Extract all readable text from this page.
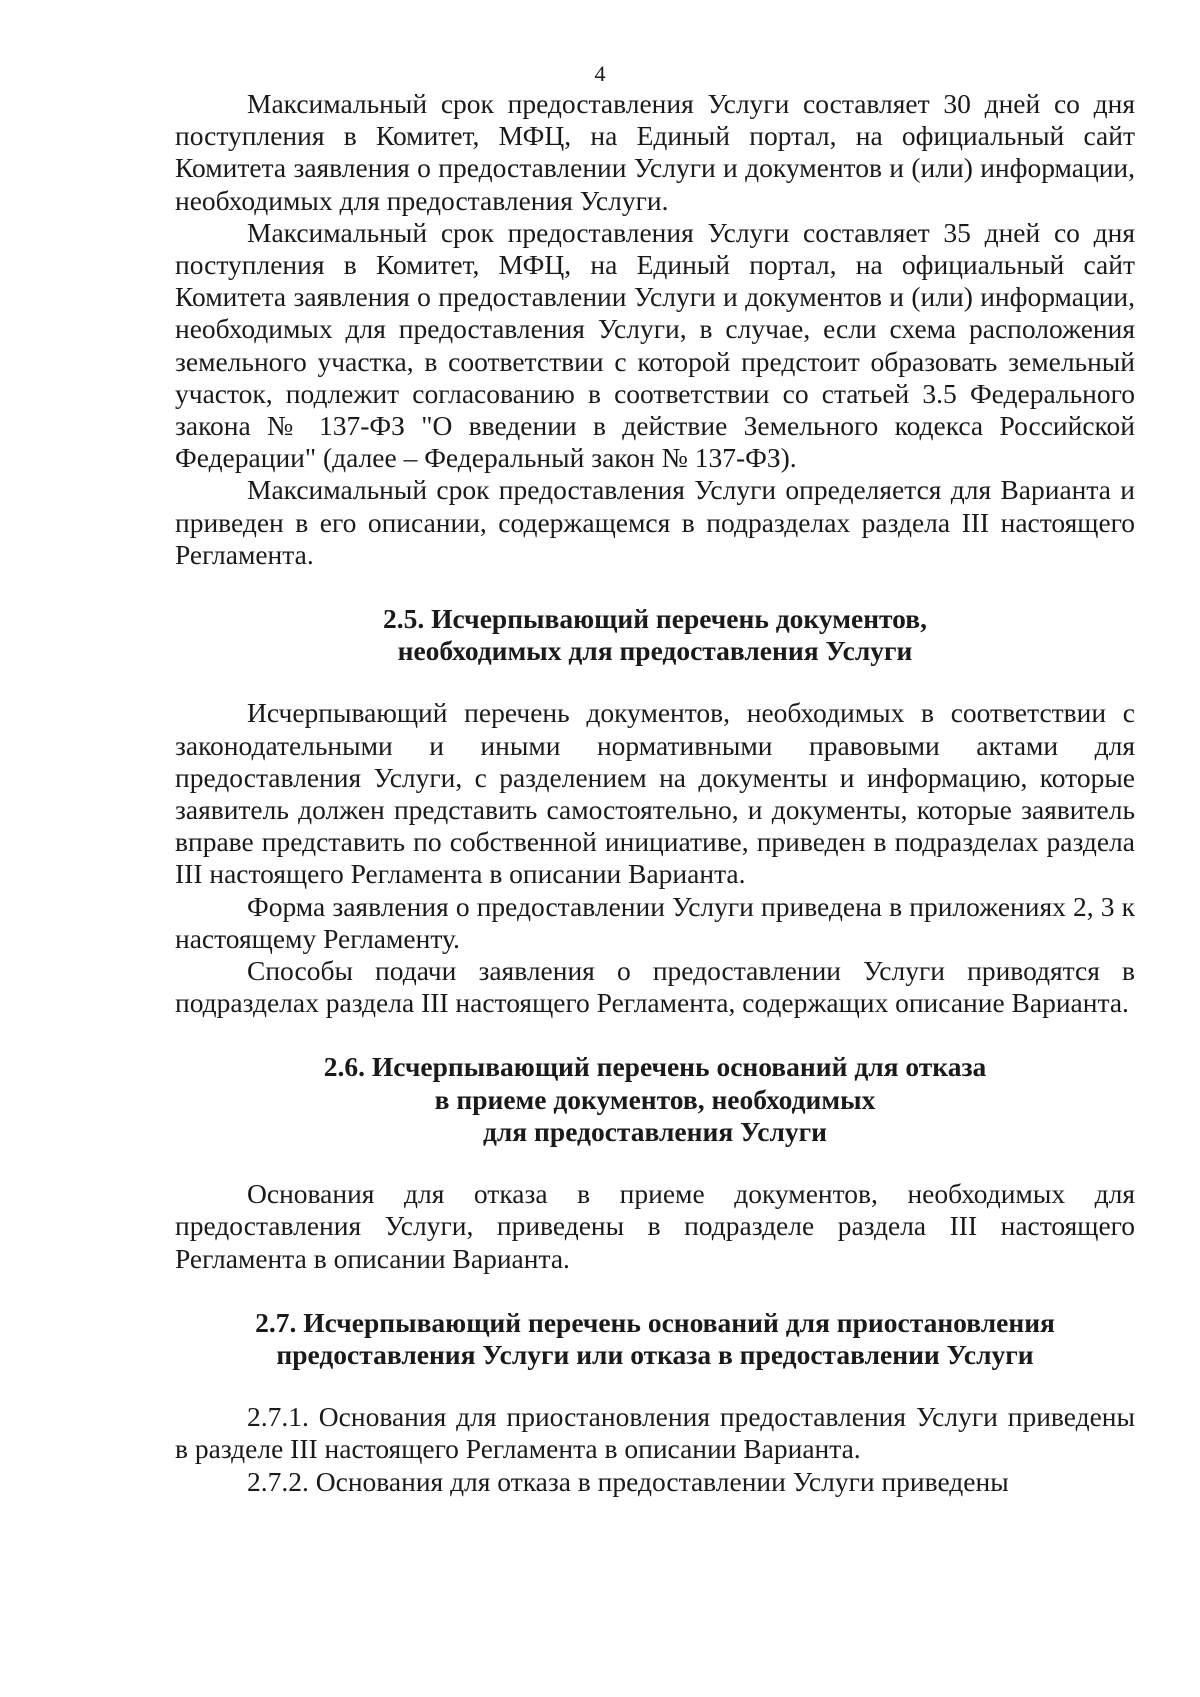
4

Максимальный срок предоставления Услуги составляет 30 дней со дня поступления в Комитет, МФЦ, на Единый портал, на официальный сайт Комитета заявления о предоставлении Услуги и документов и (или) информации, необходимых для предоставления Услуги.

Максимальный срок предоставления Услуги составляет 35 дней со дня поступления в Комитет, МФЦ, на Единый портал, на официальный сайт Комитета заявления о предоставлении Услуги и документов и (или) информации, необходимых для предоставления Услуги, в случае, если схема расположения земельного участка, в соответствии с которой предстоит образовать земельный участок, подлежит согласованию в соответствии со статьей 3.5 Федерального закона № 137-ФЗ "О введении в действие Земельного кодекса Российской Федерации" (далее – Федеральный закон № 137-ФЗ).

Максимальный срок предоставления Услуги определяется для Варианта и приведен в его описании, содержащемся в подразделах раздела III настоящего Регламента.

2.5. Исчерпывающий перечень документов,
необходимых для предоставления Услуги

Исчерпывающий перечень документов, необходимых в соответствии с законодательными и иными нормативными правовыми актами для предоставления Услуги, с разделением на документы и информацию, которые заявитель должен представить самостоятельно, и документы, которые заявитель вправе представить по собственной инициативе, приведен в подразделах раздела III настоящего Регламента в описании Варианта.

Форма заявления о предоставлении Услуги приведена в приложениях 2, 3 к настоящему Регламенту.

Способы подачи заявления о предоставлении Услуги приводятся в подразделах раздела III настоящего Регламента, содержащих описание Варианта.

2.6. Исчерпывающий перечень оснований для отказа
в приеме документов, необходимых
для предоставления Услуги

Основания для отказа в приеме документов, необходимых для предоставления Услуги, приведены в подразделе раздела III настоящего Регламента в описании Варианта.

2.7. Исчерпывающий перечень оснований для приостановления
предоставления Услуги или отказа в предоставлении Услуги

2.7.1. Основания для приостановления предоставления Услуги приведены в разделе III настоящего Регламента в описании Варианта.

2.7.2. Основания для отказа в предоставлении Услуги приведены
